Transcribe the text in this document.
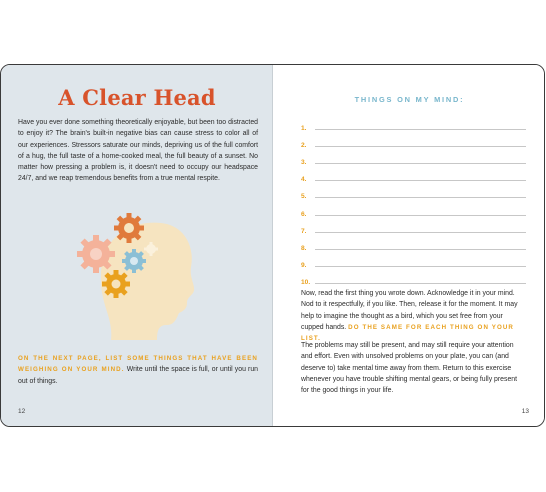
A Clear Head
Have you ever done something theoretically enjoyable, but been too distracted to enjoy it? The brain's built-in negative bias can cause stress to color all of our experiences. Stressors saturate our minds, depriving us of the full comfort of a hug, the full taste of a home-cooked meal, the full beauty of a sunset. No matter how pressing a problem is, it doesn't need to occupy our headspace 24/7, and we reap tremendous benefits from a true mental respite.
ON THE NEXT PAGE, LIST SOME THINGS THAT HAVE BEEN WEIGHING ON YOUR MIND. Write until the space is full, or until you run out of things.
12
THINGS ON MY MIND:
1.
2.
3.
4.
5.
6.
7.
8.
9.
10.
Now, read the first thing you wrote down. Acknowledge it in your mind. Nod to it respectfully, if you like. Then, release it for the moment. It may help to imagine the thought as a bird, which you set free from your cupped hands. DO THE SAME FOR EACH THING ON YOUR LIST.
The problems may still be present, and may still require your attention and effort. Even with unsolved problems on your plate, you can (and deserve to) take mental time away from them. Return to this exercise whenever you have trouble shifting mental gears, or being fully present for the good things in your life.
13
